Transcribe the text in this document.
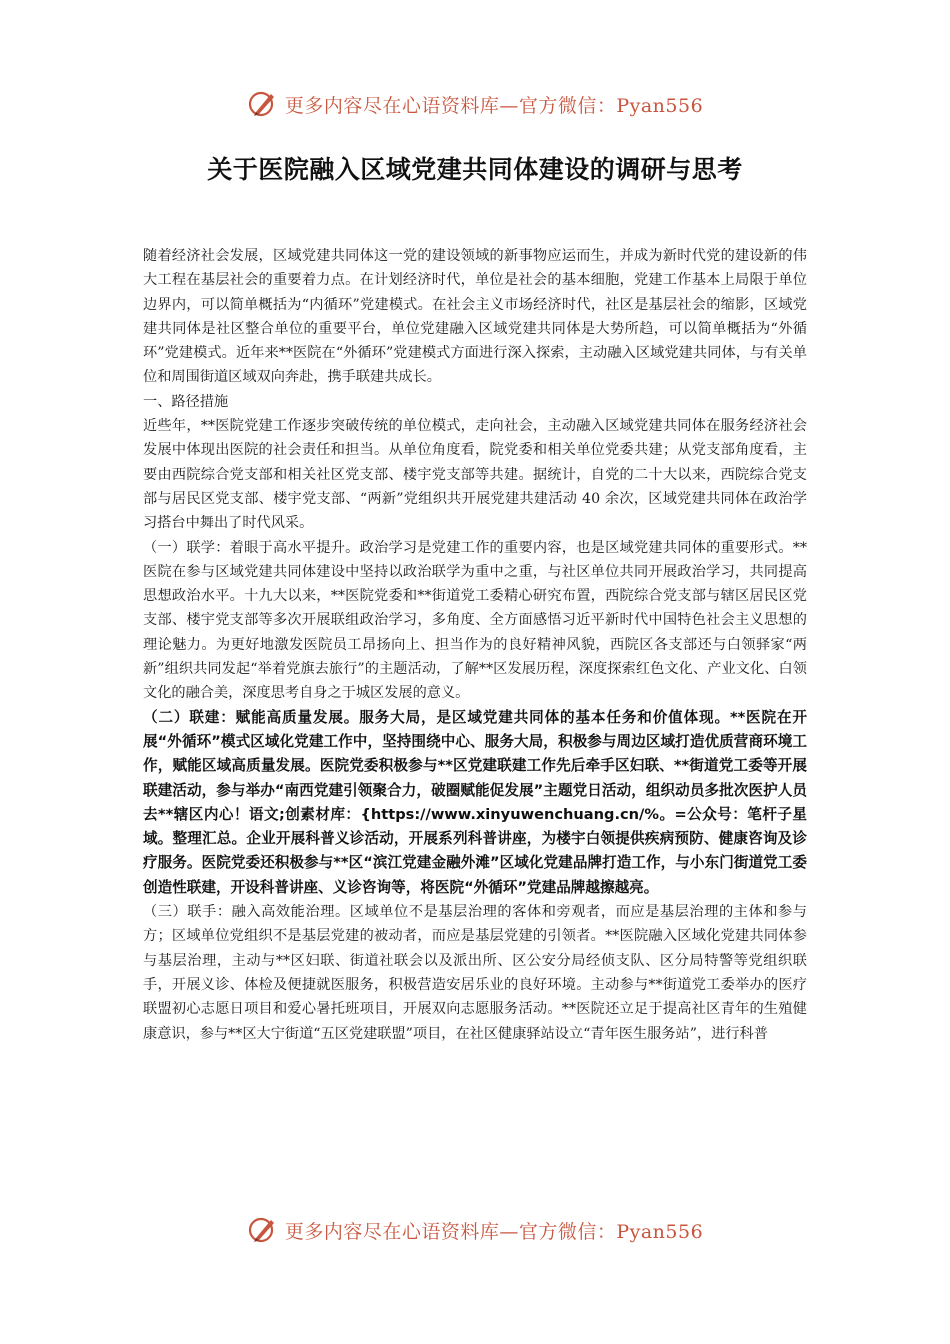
更多内容尽在心语资料库—官方微信：Pyan556
关于医院融入区域党建共同体建设的调研与思考

随着经济社会发展，区域党建共同体这一党的建设领域的新事物应运而生，并成为新时代党的建设新的伟大工程在基层社会的重要着力点。在计划经济时代，单位是社会的基本细胞，党建工作基本上局限于单位边界内，可以简单概括为“内循环”党建模式。在社会主义市场经济时代，社区是基层社会的缩影，区域党建共同体是社区整合单位的重要平台，单位党建融入区域党建共同体是大势所趋，可以简单概括为“外循环”党建模式。近年来**医院在“外循环”党建模式方面进行深入探索，主动融入区域党建共同体，与有关单位和周围街道区域双向奔赴，携手联建共成长。

一、路径措施

近些年，**医院党建工作逐步突破传统的单位模式，走向社会，主动融入区域党建共同体在服务经济社会发展中体现出医院的社会责任和担当。从单位角度看，院党委和相关单位党委共建；从党支部角度看，主要由西院综合党支部和相关社区党支部、楼宇党支部等共建。据统计，自党的二十大以来，西院综合党支部与居民区党支部、楼宇党支部、“两新”党组织共开展党建共建活动 40 余次，区域党建共同体在政治学习搭台中舞出了时代风采。

（一）联学：着眼于高水平提升。政治学习是党建工作的重要内容，也是区域党建共同体的重要形式。**医院在参与区域党建共同体建设中坚持以政治联学为重中之重，与社区单位共同开展政治学习，共同提高思想政治水平。十九大以来，**医院党委和**街道党工委精心研究布置，西院综合党支部与辖区居民区党支部、楼宇党支部等多次开展联组政治学习，多角度、全方面感悟习近平新时代中国特色社会主义思想的理论魅力。为更好地激发医院员工昂扬向上、担当作为的良好精神风貌，西院区各支部还与白领驿家“两新”组织共同发起“举着党旗去旅行”的主题活动，了解**区发展历程，深度探索红色文化、产业文化、白领文化的融合美，深度思考自身之于城区发展的意义。

（二）联建：赋能高质量发展。服务大局，是区域党建共同体的基本任务和价值体现。**医院在开展“外循环”模式区域化党建工作中，坚持围绕中心、服务大局，积极参与周边区域打造优质营商环境工作，赋能区域高质量发展。医院党委积极参与**区党建联建工作先后牵手区妇联、**街道党工委等开展联建活动，参与举办“南西党建引领聚合力，破圈赋能促发展”主题党日活动，组织动员多批次医护人员去**辖区内心！语文;创素材库：{https://www.xinyuwenchuang.cn/%。=公众号：笔杆子星域。整理汇总。企业开展科普义诊活动，开展系列科普讲座，为楼宇白领提供疾病预防、健康咨询及诊疗服务。医院党委还积极参与**区“滨江党建金融外滩”区域化党建品牌打造工作，与小东门街道党工委创造性联建，开设科普讲座、义诊咨询等，将医院“外循环”党建品牌越擦越亮。

（三）联手：融入高效能治理。区域单位不是基层治理的客体和旁观者，而应是基层治理的主体和参与方；区域单位党组织不是基层党建的被动者，而应是基层党建的引领者。**医院融入区域化党建共同体参与基层治理，主动与**区妇联、街道社联会以及派出所、区公安分局经侦支队、区分局特警等党组织联手，开展义诊、体检及便捷就医服务，积极营造安居乐业的良好环境。主动参与**街道党工委举办的医疗联盟初心志愿日项目和爱心暑托班项目，开展双向志愿服务活动。**医院还立足于提高社区青年的生殖健康意识，参与**区大宁街道“五区党建联盟”项目，在社区健康驿站设立“青年医生服务站”，进行科普

更多内容尽在心语资料库—官方微信：Pyan556
